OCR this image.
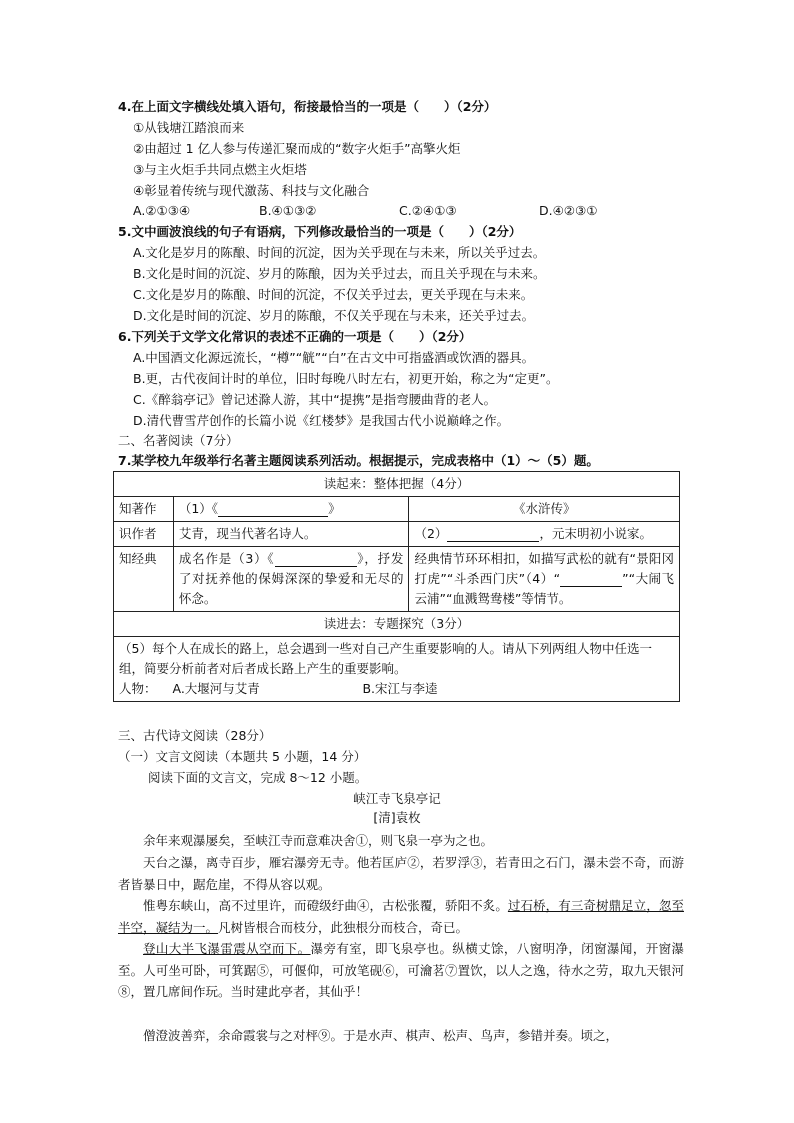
4.在上面文字横线处填入语句，衔接最恰当的一项是（　　）（2分）
①从钱塘江踏浪而来
②由超过 1 亿人参与传递汇聚而成的“数字火炬手”高擎火炬
③与主火炬手共同点燃主火炬塔
④彰显着传统与现代激荡、科技与文化融合
A.②①③④	B.④①③②	C.②④①③	D.④②③①
5.文中画波浪线的句子有语病，下列修改最恰当的一项是（　　）（2分）
A.文化是岁月的陈酿、时间的沉淀，因为关乎现在与未来，所以关乎过去。
B.文化是时间的沉淀、岁月的陈酿，因为关乎过去，而且关乎现在与未来。
C.文化是岁月的陈酿、时间的沉淀，不仅关乎过去，更关乎现在与未来。
D.文化是时间的沉淀、岁月的陈酿，不仅关乎现在与未来，还关乎过去。
6.下列关于文学文化常识的表述不正确的一项是（　　）（2分）
A.中国酒文化源远流长，“樽”“觥”“白”在古文中可指盛酒或饮酒的器具。
B.更，古代夜间计时的单位，旧时每晚八时左右，初更开始，称之为“定更”。
C.《醉翁亭记》曾记述滁人游，其中“提携”是指弯腰曲背的老人。
D.清代曹雪芹创作的长篇小说《红楼梦》是我国古代小说巅峰之作。
二、名著阅读（7分）
7.某学校九年级举行名著主题阅读系列活动。根据提示，完成表格中（1）～（5）题。
读起来：整体把握（4分）		
知著作	（1）《 》	《水浒传》
识作者	艾青，现当代著名诗人。	（2） ，元末明初小说家。
知经典	成名作是（3）《 》，抒发了对抚养他的保姆深深的挚爱和无尽的怀念。	经典情节环环相扣，如描写武松的就有“景阳冈打虎”“斗杀西门庆”（4）“ ”“大闹飞云浦”“血溅鸳鸯楼”等情节。
读进去：专题探究（3分）		

（5）每个人在成长的路上，总会遇到一些对自己产生重要影响的人。请从下列两组人物中任选一组，简要分析前者对后者成长路上产生的重要影响。
人物： A.大堰河与艾青 B.宋江与李逵		
三、古代诗文阅读（28分）
（一）文言文阅读（本题共 5 小题，14 分）
阅读下面的文言文，完成 8～12 小题。
峡江寺飞泉亭记
[清]袁枚
余年来观瀑屡矣，至峡江寺而意难决舍①，则飞泉一亭为之也。
天台之瀑，离寺百步，雁宕瀑旁无寺。他若匡庐②，若罗浮③，若青田之石门，瀑未尝不奇，而游者皆暴日中，踞危崖，不得从容以观。
惟粤东峡山，高不过里许，而磴级纡曲④，古松张覆，骄阳不炙。过石桥，有三奇树鼎足立，忽至半空，凝结为一。凡树皆根合而枝分，此独根分而枝合，奇已。
登山大半飞瀑雷震从空而下。瀑旁有室，即飞泉亭也。纵横丈馀，八窗明净，闭窗瀑闻，开窗瀑至。人可坐可卧，可箕踞⑤，可偃仰，可放笔砚⑥，可瀹茗⑦置饮，以人之逸，待水之劳，取九天银河⑧，置几席间作玩。当时建此亭者，其仙乎！
僧澄波善弈，余命霞裳与之对枰⑨。于是水声、棋声、松声、鸟声，参错并奏。顷之，
